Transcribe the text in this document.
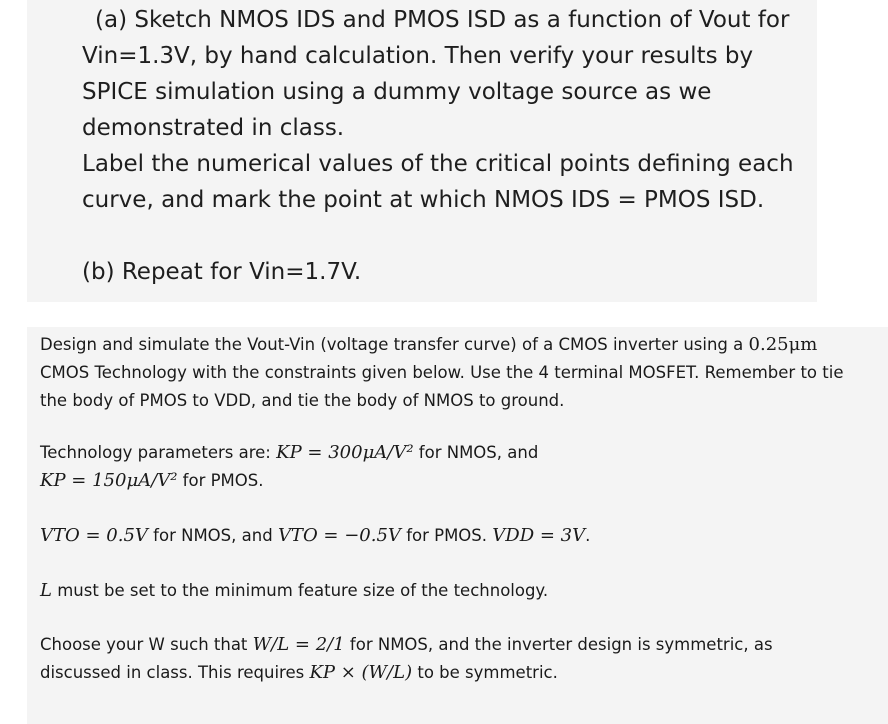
(a) Sketch NMOS IDS and PMOS ISD as a function of Vout for
Vin=1.3V, by hand calculation. Then verify your results by
SPICE simulation using a dummy voltage source as we
demonstrated in class.
Label the numerical values of the critical points defining each
curve, and mark the point at which NMOS IDS = PMOS ISD.
(b) Repeat for Vin=1.7V.
Design and simulate the Vout-Vin (voltage transfer curve) of a CMOS inverter using a 0.25μm
CMOS Technology with the constraints given below. Use the 4 terminal MOSFET. Remember to tie
the body of PMOS to VDD, and tie the body of NMOS to ground.
Technology parameters are: KP = 300μA/V² for NMOS, and
KP = 150μA/V² for PMOS.
VTO = 0.5V for NMOS, and VTO = −0.5V for PMOS. VDD = 3V.
L must be set to the minimum feature size of the technology.
Choose your W such that W/L = 2/1 for NMOS, and the inverter design is symmetric, as
discussed in class. This requires KP × (W/L) to be symmetric.
